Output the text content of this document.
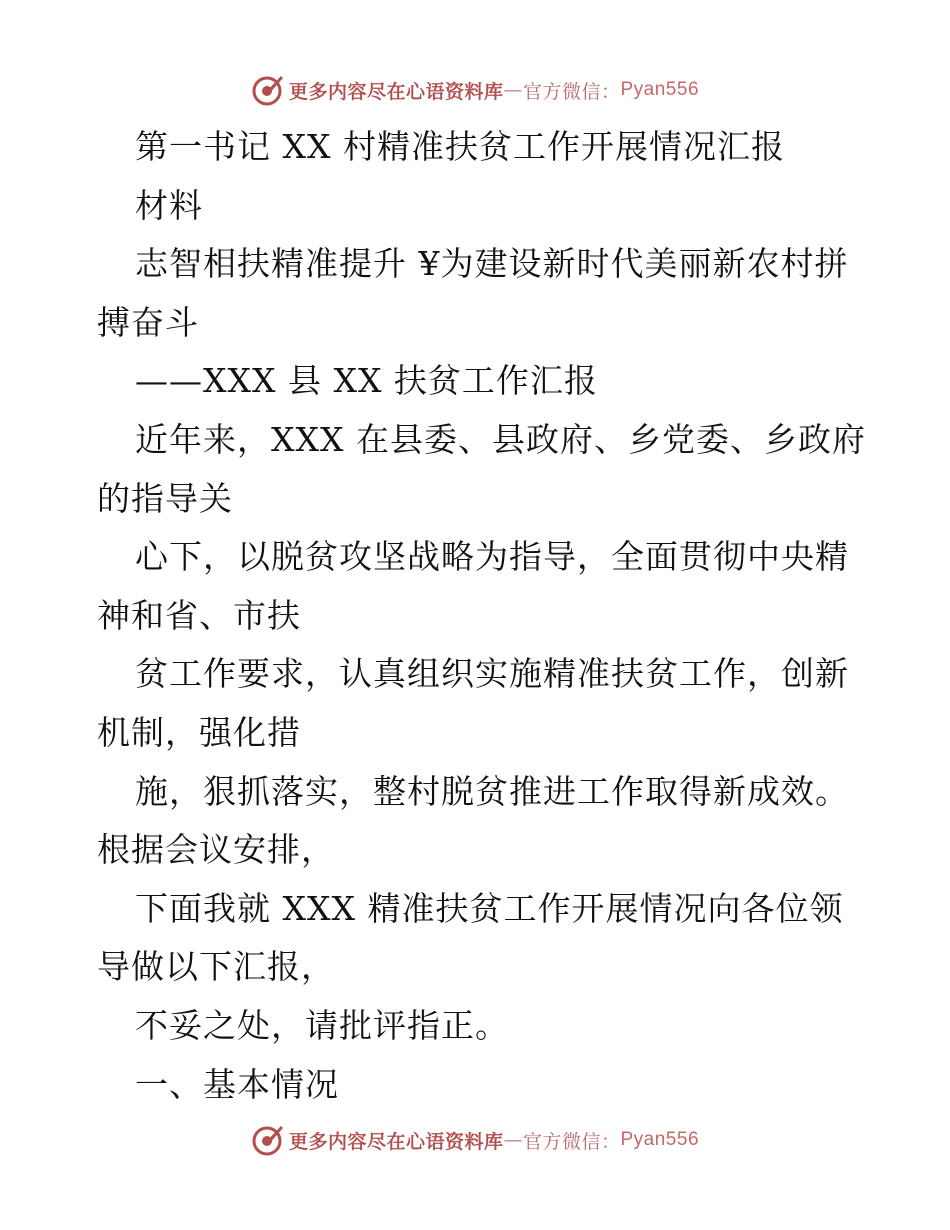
更多内容尽在心语资料库 — 官方微信： Pyan556
第一书记 XX 村精准扶贫工作开展情况汇报
材料
志智相扶精准提升 ¥为建设新时代美丽新农村拼
搏奋斗
——XXX 县 XX 扶贫工作汇报
近年来，XXX 在县委、县政府、乡党委、乡政府
的指导关
心下，以脱贫攻坚战略为指导，全面贯彻中央精
神和省、市扶
贫工作要求，认真组织实施精准扶贫工作，创新
机制，强化措
施，狠抓落实，整村脱贫推进工作取得新成效。
根据会议安排，
下面我就 XXX 精准扶贫工作开展情况向各位领
导做以下汇报，
不妥之处，请批评指正。
一、基本情况
更多内容尽在心语资料库 — 官方微信： Pyan556
